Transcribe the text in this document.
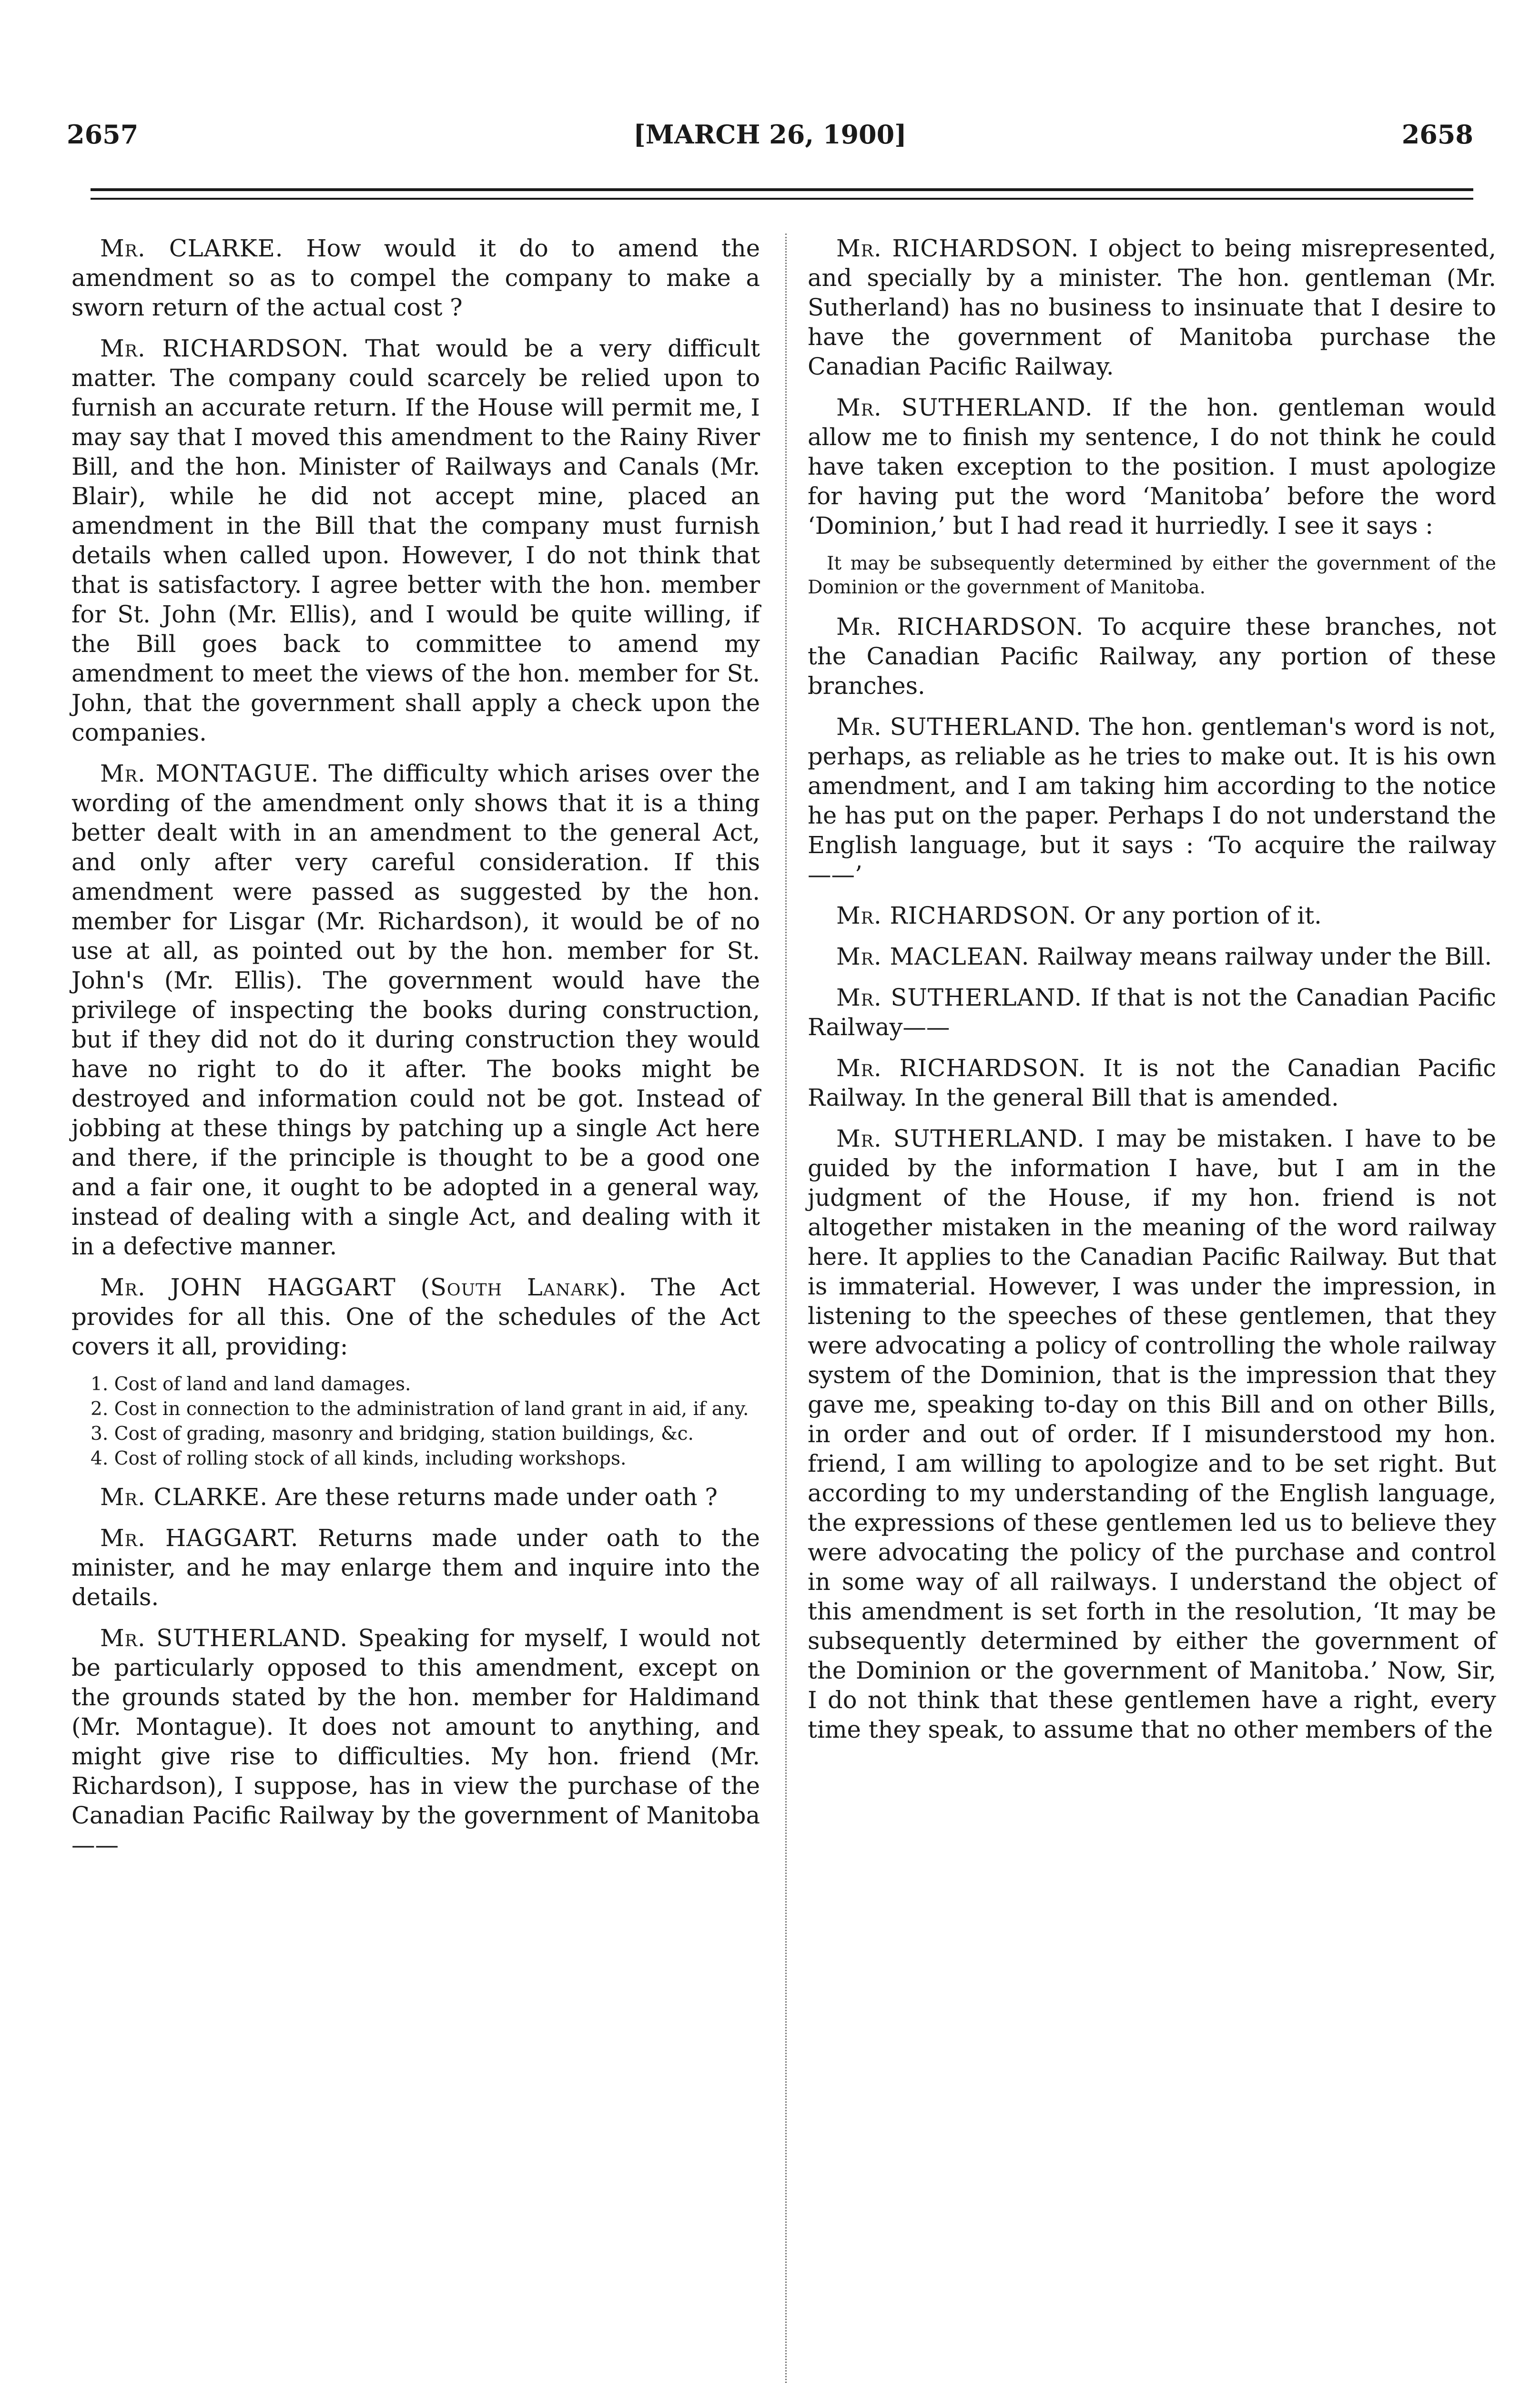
2657	[MARCH 26, 1900]	2658

Mr. CLARKE. How would it do to amend the amendment so as to compel the company to make a sworn return of the actual cost ?

Mr. RICHARDSON. That would be a very difficult matter. The company could scarcely be relied upon to furnish an accurate return. If the House will permit me, I may say that I moved this amendment to the Rainy River Bill, and the hon. Minister of Railways and Canals (Mr. Blair), while he did not accept mine, placed an amendment in the Bill that the company must furnish details when called upon. However, I do not think that that is satisfactory. I agree better with the hon. member for St. John (Mr. Ellis), and I would be quite willing, if the Bill goes back to committee to amend my amendment to meet the views of the hon. member for St. John, that the government shall apply a check upon the companies.

Mr. MONTAGUE. The difficulty which arises over the wording of the amendment only shows that it is a thing better dealt with in an amendment to the general Act, and only after very careful consideration. If this amendment were passed as suggested by the hon. member for Lisgar (Mr. Richardson), it would be of no use at all, as pointed out by the hon. member for St. John's (Mr. Ellis). The government would have the privilege of inspecting the books during construction, but if they did not do it during construction they would have no right to do it after. The books might be destroyed and information could not be got. Instead of jobbing at these things by patching up a single Act here and there, if the principle is thought to be a good one and a fair one, it ought to be adopted in a general way, instead of dealing with a single Act, and dealing with it in a defective manner.

Mr. JOHN HAGGART (South Lanark). The Act provides for all this. One of the schedules of the Act covers it all, providing:

1. Cost of land and land damages.

2. Cost in connection to the administration of land grant in aid, if any.

3. Cost of grading, masonry and bridging, station buildings, &c.

4. Cost of rolling stock of all kinds, including workshops.

Mr. CLARKE. Are these returns made under oath ?

Mr. HAGGART. Returns made under oath to the minister, and he may enlarge them and inquire into the details.

Mr. SUTHERLAND. Speaking for myself, I would not be particularly opposed to this amendment, except on the grounds stated by the hon. member for Haldimand (Mr. Montague). It does not amount to anything, and might give rise to difficulties. My hon. friend (Mr. Richardson), I suppose, has in view the purchase of the Canadian Pacific Railway by the government of Manitoba——

Mr. RICHARDSON. I object to being misrepresented, and specially by a minister. The hon. gentleman (Mr. Sutherland) has no business to insinuate that I desire to have the government of Manitoba purchase the Canadian Pacific Railway.

Mr. SUTHERLAND. If the hon. gentleman would allow me to finish my sentence, I do not think he could have taken exception to the position. I must apologize for having put the word ‘Manitoba’ before the word ‘Dominion,’ but I had read it hurriedly. I see it says :

It may be subsequently determined by either the government of the Dominion or the government of Manitoba.

Mr. RICHARDSON. To acquire these branches, not the Canadian Pacific Railway, any portion of these branches.

Mr. SUTHERLAND. The hon. gentleman's word is not, perhaps, as reliable as he tries to make out. It is his own amendment, and I am taking him according to the notice he has put on the paper. Perhaps I do not understand the English language, but it says : ‘To acquire the railway——’

Mr. RICHARDSON. Or any portion of it.

Mr. MACLEAN. Railway means railway under the Bill.

Mr. SUTHERLAND. If that is not the Canadian Pacific Railway——

Mr. RICHARDSON. It is not the Canadian Pacific Railway. In the general Bill that is amended.

Mr. SUTHERLAND. I may be mistaken. I have to be guided by the information I have, but I am in the judgment of the House, if my hon. friend is not altogether mistaken in the meaning of the word railway here. It applies to the Canadian Pacific Railway. But that is immaterial. However, I was under the impression, in listening to the speeches of these gentlemen, that they were advocating a policy of controlling the whole railway system of the Dominion, that is the impression that they gave me, speaking to-day on this Bill and on other Bills, in order and out of order. If I misunderstood my hon. friend, I am willing to apologize and to be set right. But according to my understanding of the English language, the expressions of these gentlemen led us to believe they were advocating the policy of the purchase and control in some way of all railways. I understand the object of this amendment is set forth in the resolution, ‘It may be subsequently determined by either the government of the Dominion or the government of Manitoba.’ Now, Sir, I do not think that these gentlemen have a right, every time they speak, to assume that no other members of the
